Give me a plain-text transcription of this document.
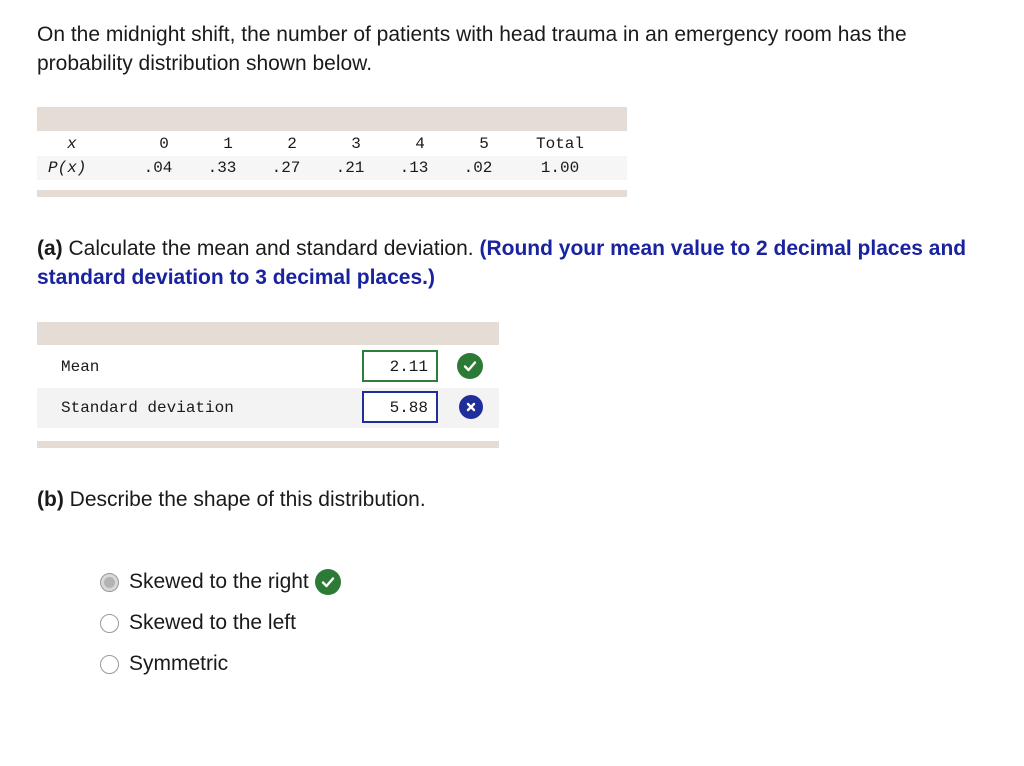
On the midnight shift, the number of patients with head trauma in an emergency room has the probability distribution shown below.
x	0	1	2	3	4	5	Total
P(x)	.04	.33	.27	.21	.13	.02	1.00
(a) Calculate the mean and standard deviation. (Round your mean value to 2 decimal places and standard deviation to 3 decimal places.)
Mean	2.11
Standard deviation	5.88
(b) Describe the shape of this distribution.
Skewed to the right
Skewed to the left
Symmetric
